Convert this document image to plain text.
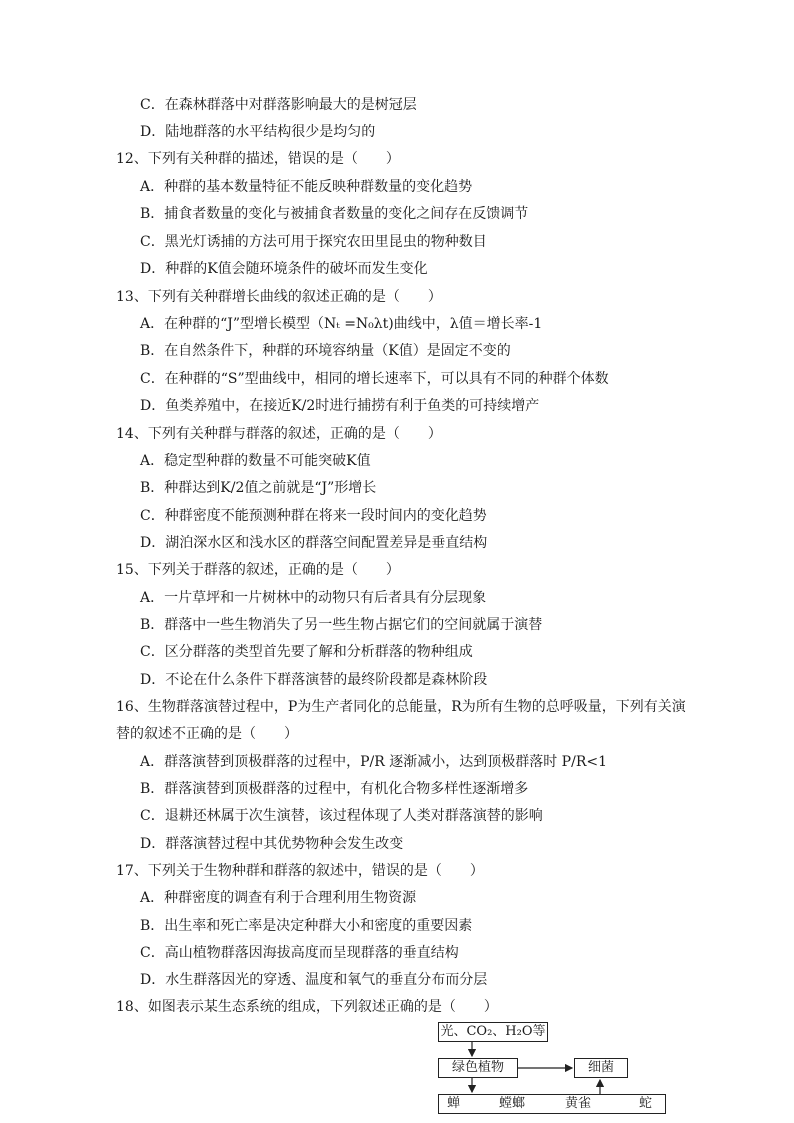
C．在森林群落中对群落影响最大的是树冠层
D．陆地群落的水平结构很少是均匀的
12、下列有关种群的描述，错误的是（　　）
A．种群的基本数量特征不能反映种群数量的变化趋势
B．捕食者数量的变化与被捕食者数量的变化之间存在反馈调节
C．黑光灯诱捕的方法可用于探究农田里昆虫的物种数目
D．种群的K值会随环境条件的破坏而发生变化
13、下列有关种群增长曲线的叙述正确的是（　　）
A．在种群的“J”型增长模型（Nₜ =N₀λt)曲线中，λ值＝增长率-1
B．在自然条件下，种群的环境容纳量（K值）是固定不变的
C．在种群的“S”型曲线中，相同的增长速率下，可以具有不同的种群个体数
D．鱼类养殖中，在接近K/2时进行捕捞有利于鱼类的可持续增产
14、下列有关种群与群落的叙述，正确的是（　　）
A．稳定型种群的数量不可能突破K值
B．种群达到K/2值之前就是“J”形增长
C．种群密度不能预测种群在将来一段时间内的变化趋势
D．湖泊深水区和浅水区的群落空间配置差异是垂直结构
15、下列关于群落的叙述，正确的是（　　）
A．一片草坪和一片树林中的动物只有后者具有分层现象
B．群落中一些生物消失了另一些生物占据它们的空间就属于演替
C．区分群落的类型首先要了解和分析群落的物种组成
D．不论在什么条件下群落演替的最终阶段都是森林阶段
16、生物群落演替过程中，P为生产者同化的总能量，R为所有生物的总呼吸量，下列有关演
替的叙述不正确的是（　　）
A．群落演替到顶极群落的过程中，P/R 逐渐减小，达到顶极群落时 P/R<1
B．群落演替到顶极群落的过程中，有机化合物多样性逐渐增多
C．退耕还林属于次生演替，该过程体现了人类对群落演替的影响
D．群落演替过程中其优势物种会发生改变
17、下列关于生物种群和群落的叙述中，错误的是（　　）
A．种群密度的调查有利于合理利用生物资源
B．出生率和死亡率是决定种群大小和密度的重要因素
C．高山植物群落因海拔高度而呈现群落的垂直结构
D．水生群落因光的穿透、温度和氧气的垂直分布而分层
18、如图表示某生态系统的组成，下列叙述正确的是（　　）
光、CO₂、H₂O等
绿色植物	细菌
蝉	螳螂	黄雀	蛇
